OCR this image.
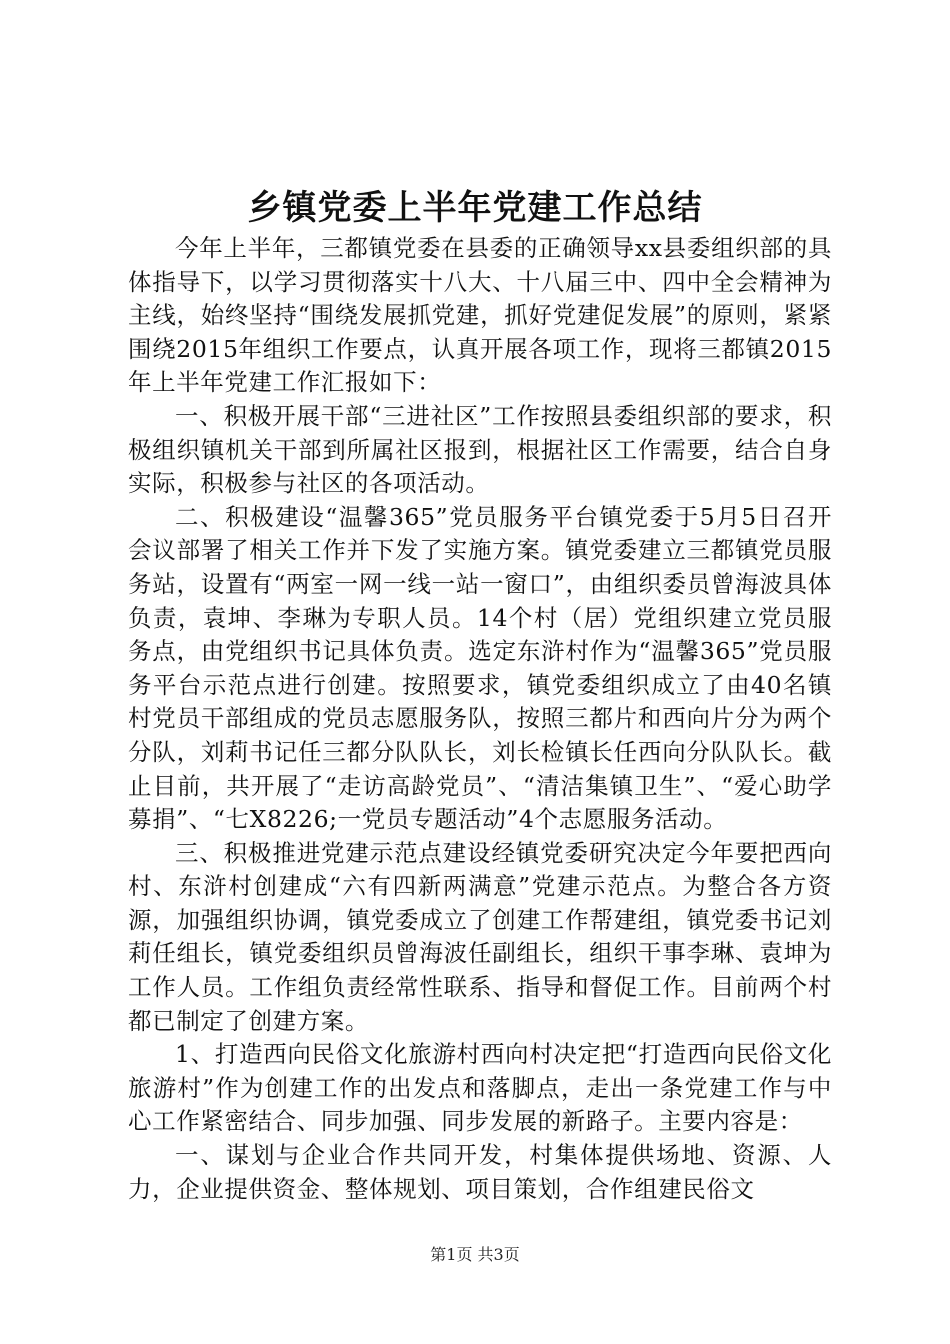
乡镇党委上半年党建工作总结

今年上半年，三都镇党委在县委的正确领导xx县委组织部的具体指导下，以学习贯彻落实十八大、十八届三中、四中全会精神为主线，始终坚持“围绕发展抓党建，抓好党建促发展”的原则，紧紧围绕2015年组织工作要点，认真开展各项工作，现将三都镇2015年上半年党建工作汇报如下：

一、积极开展干部“三进社区”工作按照县委组织部的要求，积极组织镇机关干部到所属社区报到，根据社区工作需要，结合自身实际，积极参与社区的各项活动。

二、积极建设“温馨365”党员服务平台镇党委于5月5日召开会议部署了相关工作并下发了实施方案。镇党委建立三都镇党员服务站，设置有“两室一网一线一站一窗口”，由组织委员曾海波具体负责，袁坤、李琳为专职人员。14个村（居）党组织建立党员服务点，由党组织书记具体负责。选定东浒村作为“温馨365”党员服务平台示范点进行创建。按照要求，镇党委组织成立了由40名镇村党员干部组成的党员志愿服务队，按照三都片和西向片分为两个分队，刘莉书记任三都分队队长，刘长检镇长任西向分队队长。截止目前，共开展了“走访高龄党员”、“清洁集镇卫生”、“爱心助学募捐”、“七X8226;一党员专题活动”4个志愿服务活动。

三、积极推进党建示范点建设经镇党委研究决定今年要把西向村、东浒村创建成“六有四新两满意”党建示范点。为整合各方资源，加强组织协调，镇党委成立了创建工作帮建组，镇党委书记刘莉任组长，镇党委组织员曾海波任副组长，组织干事李琳、袁坤为工作人员。工作组负责经常性联系、指导和督促工作。目前两个村都已制定了创建方案。

1、打造西向民俗文化旅游村西向村决定把“打造西向民俗文化旅游村”作为创建工作的出发点和落脚点，走出一条党建工作与中心工作紧密结合、同步加强、同步发展的新路子。主要内容是：

一、谋划与企业合作共同开发，村集体提供场地、资源、人力，企业提供资金、整体规划、项目策划，合作组建民俗文

第1页 共3页
